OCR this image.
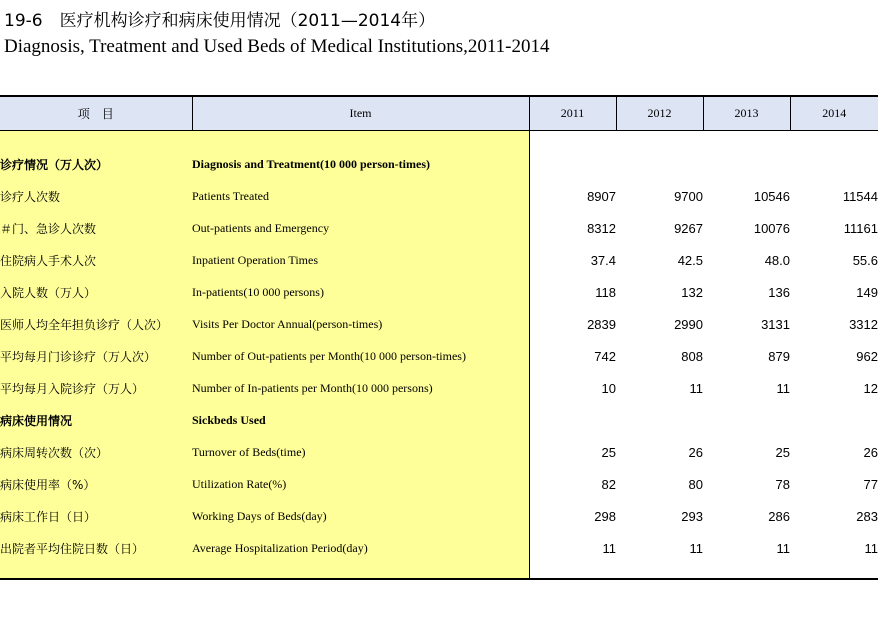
19-6　医疗机构诊疗和病床使用情况（2011—2014年）
Diagnosis, Treatment and Used Beds of Medical Institutions,2011-2014
项　目	Item	2011	2012	2013	2014

诊疗情况（万人次）	Diagnosis and Treatment(10 000 person-times)				
诊疗人次数	Patients Treated	8907	9700	10546	11544
＃门、急诊人次数	Out-patients and Emergency	8312	9267	10076	11161
住院病人手术人次	Inpatient Operation Times	37.4	42.5	48.0	55.6
入院人数（万人）	In-patients(10 000 persons)	118	132	136	149
医师人均全年担负诊疗（人次）	Visits Per Doctor Annual(person-times)	2839	2990	3131	3312
平均每月门诊诊疗（万人次）	Number of Out-patients per Month(10 000 person-times)	742	808	879	962
平均每月入院诊疗（万人）	Number of In-patients per Month(10 000 persons)	10	11	11	12
病床使用情况	Sickbeds Used				
病床周转次数（次）	Turnover of Beds(time)	25	26	25	26
病床使用率（%）	Utilization Rate(%)	82	80	78	77
病床工作日（日）	Working Days of Beds(day)	298	293	286	283
出院者平均住院日数（日）	Average Hospitalization Period(day)	11	11	11	11
